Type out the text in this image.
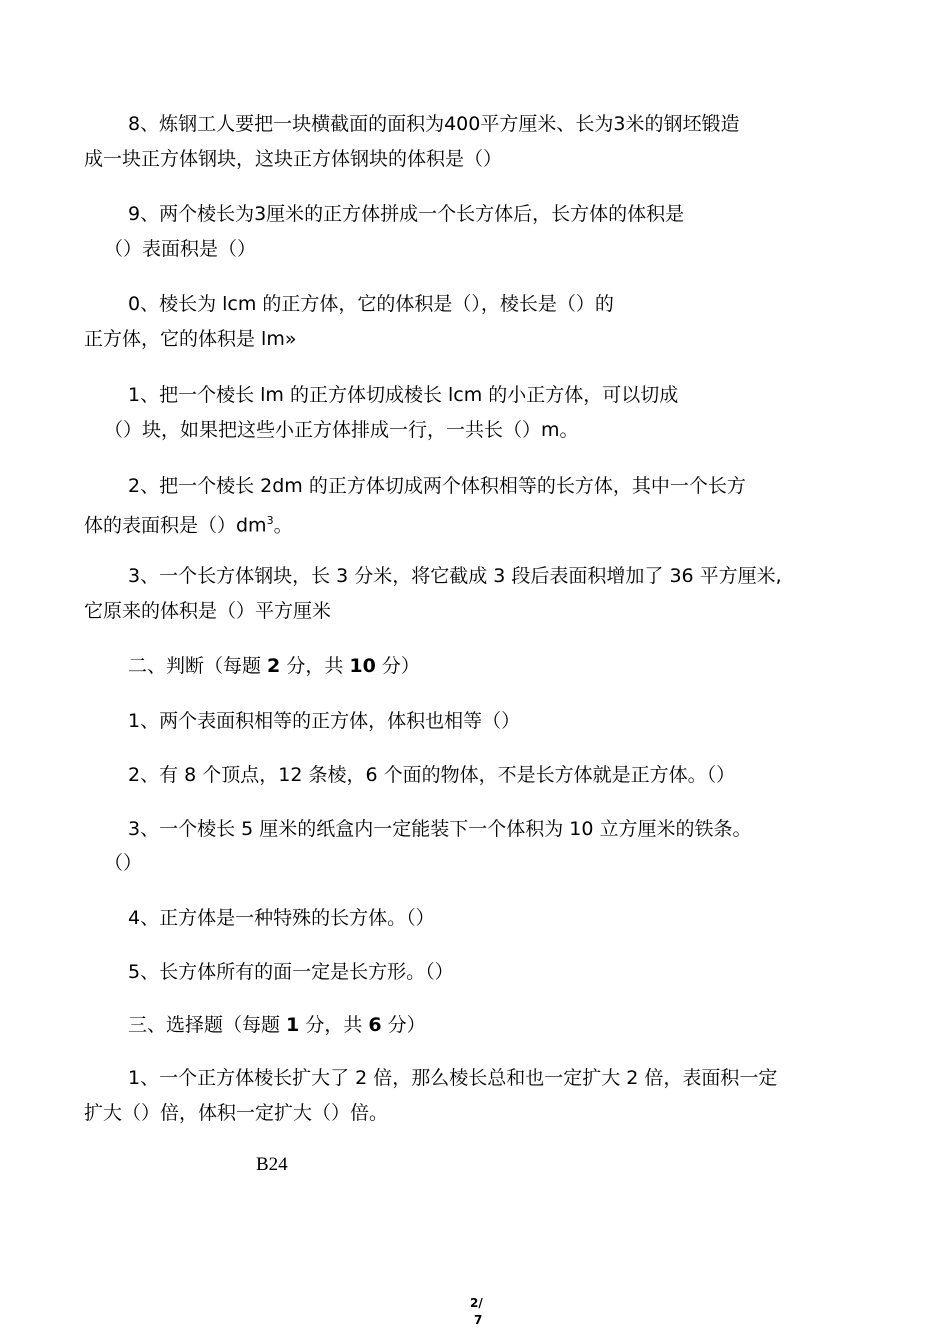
8、炼钢工人要把一块横截面的面积为400平方厘米、长为3米的钢坯锻造
成一块正方体钢块，这块正方体钢块的体积是（）
9、两个棱长为3厘米的正方体拼成一个长方体后，长方体的体积是
（）表面积是（）
0、棱长为 lcm 的正方体，它的体积是（），棱长是（）的
正方体，它的体积是 lm»
1、把一个棱长 lm 的正方体切成棱长 lcm 的小正方体，可以切成
（）块，如果把这些小正方体排成一行，一共长（）m。
2、把一个棱长 2dm 的正方体切成两个体积相等的长方体，其中一个长方
体的表面积是$()dm^3$。
3、一个长方体钢块，长 3 分米，将它截成 3 段后表面积增加了 36 平方厘米,
它原来的体积是（）平方厘米
二、判断（每题 2 分，共 10 分）
1、两个表面积相等的正方体，体积也相等（）
2、有 8 个顶点，12 条棱，6 个面的物体，不是长方体就是正方体。（）
3、一个棱长 5 厘米的纸盒内一定能装下一个体积为 10 立方厘米的铁条。
（）
4、正方体是一种特殊的长方体。（）
5、长方体所有的面一定是长方形。（）
三、选择题（每题 1 分，共 6 分）
1、一个正方体棱长扩大了 2 倍，那么棱长总和也一定扩大 2 倍，表面积一定
扩大（）倍，体积一定扩大（）倍。
B24
2/
7
